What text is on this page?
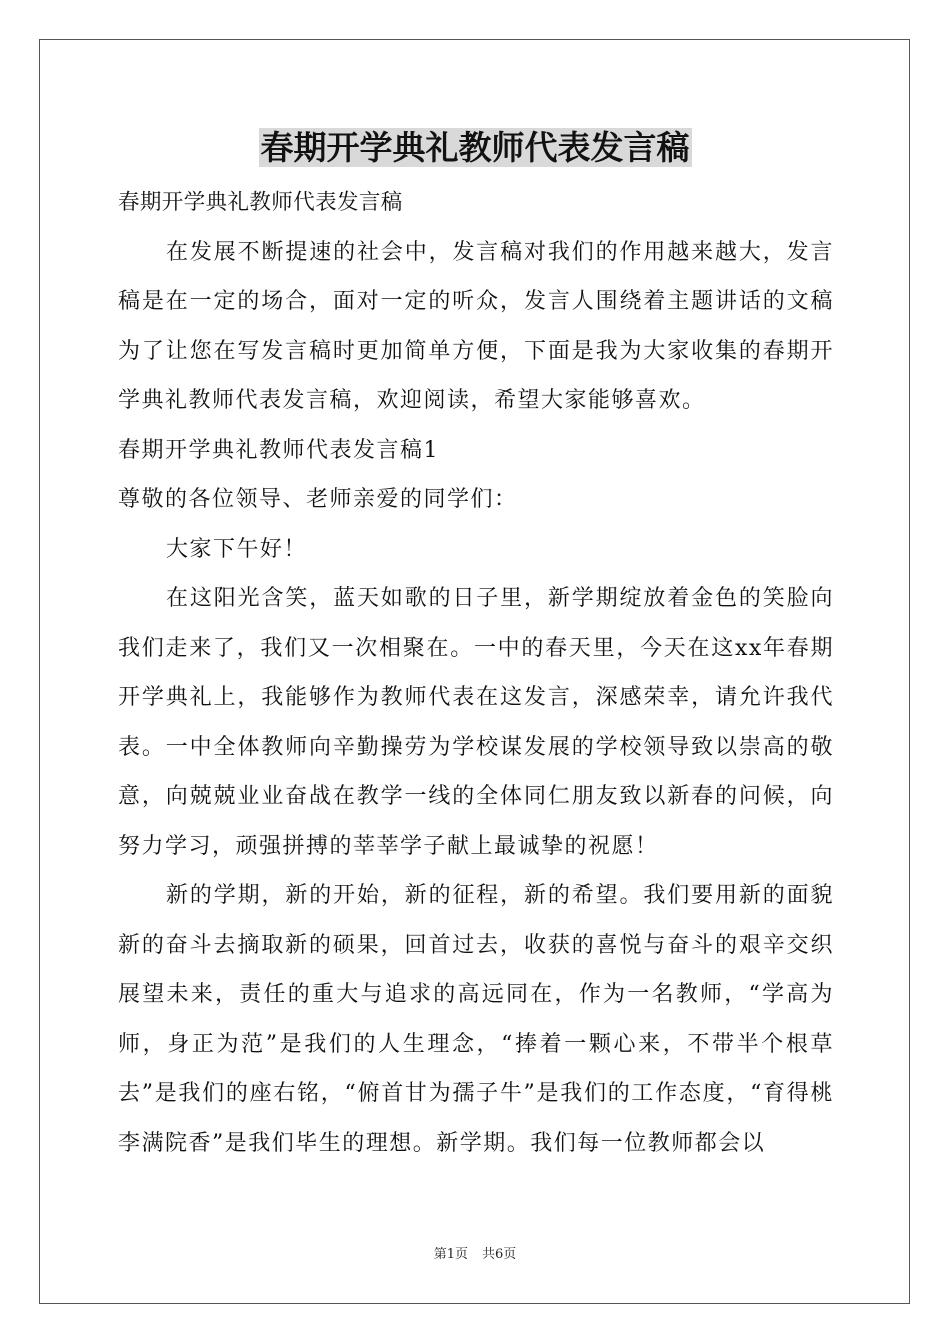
春期开学典礼教师代表发言稿

春期开学典礼教师代表发言稿

在发展不断提速的社会中，发言稿对我们的作用越来越大，发言稿是在一定的场合，面对一定的听众，发言人围绕着主题讲话的文稿为了让您在写发言稿时更加简单方便，下面是我为大家收集的春期开学典礼教师代表发言稿，欢迎阅读，希望大家能够喜欢。

春期开学典礼教师代表发言稿1

尊敬的各位领导、老师亲爱的同学们：

大家下午好！

在这阳光含笑，蓝天如歌的日子里，新学期绽放着金色的笑脸向我们走来了，我们又一次相聚在。一中的春天里，今天在这xx年春期开学典礼上，我能够作为教师代表在这发言，深感荣幸，请允许我代表。一中全体教师向辛勤操劳为学校谋发展的学校领导致以崇高的敬意，向兢兢业业奋战在教学一线的全体同仁朋友致以新春的问候，向努力学习，顽强拼搏的莘莘学子献上最诚挚的祝愿！

新的学期，新的开始，新的征程，新的希望。我们要用新的面貌新的奋斗去摘取新的硕果，回首过去，收获的喜悦与奋斗的艰辛交织展望未来，责任的重大与追求的高远同在，作为一名教师，“学高为师，身正为范”是我们的人生理念，“捧着一颗心来，不带半个根草去”是我们的座右铭，“俯首甘为孺子牛”是我们的工作态度，“育得桃李满院香”是我们毕生的理想。新学期。我们每一位教师都会以

第1页 共6页
